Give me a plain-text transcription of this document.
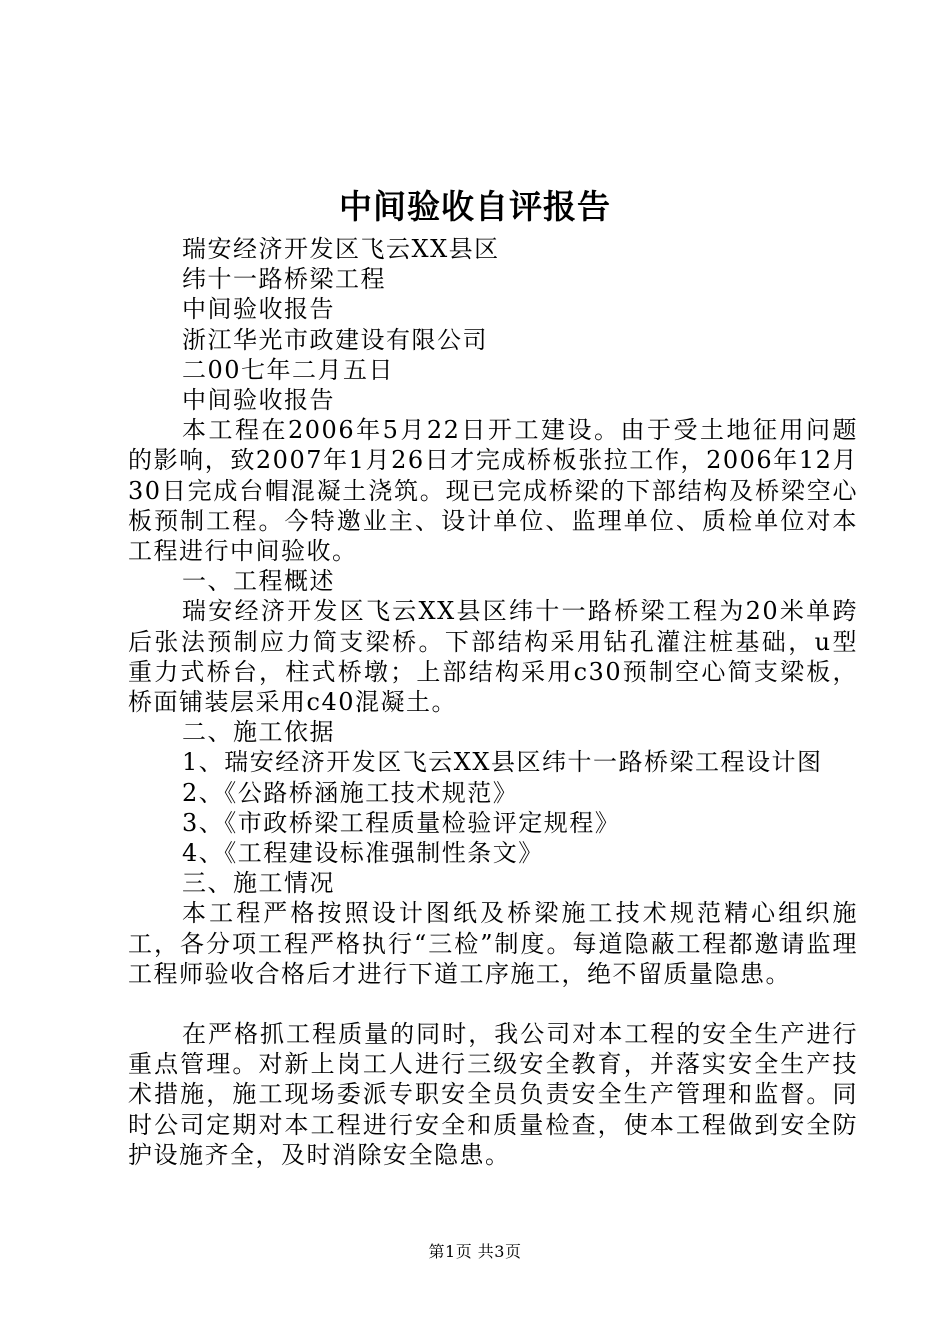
中间验收自评报告
瑞安经济开发区飞云XX县区
纬十一路桥梁工程
中间验收报告
浙江华光市政建设有限公司
二00七年二月五日
中间验收报告
本工程在2006年5月22日开工建设。由于受土地征用问题的影响，致2007年1月26日才完成桥板张拉工作，2006年12月30日完成台帽混凝土浇筑。现已完成桥梁的下部结构及桥梁空心板预制工程。今特邀业主、设计单位、监理单位、质检单位对本工程进行中间验收。
一、工程概述
瑞安经济开发区飞云XX县区纬十一路桥梁工程为20米单跨后张法预制应力简支梁桥。下部结构采用钻孔灌注桩基础，u型重力式桥台，柱式桥墩；上部结构采用c30预制空心简支梁板，桥面铺装层采用c40混凝土。
二、施工依据
1、瑞安经济开发区飞云XX县区纬十一路桥梁工程设计图
2、《公路桥涵施工技术规范》
3、《市政桥梁工程质量检验评定规程》
4、《工程建设标准强制性条文》
三、施工情况
本工程严格按照设计图纸及桥梁施工技术规范精心组织施工，各分项工程严格执行“三检”制度。每道隐蔽工程都邀请监理工程师验收合格后才进行下道工序施工，绝不留质量隐患。
在严格抓工程质量的同时，我公司对本工程的安全生产进行重点管理。对新上岗工人进行三级安全教育，并落实安全生产技术措施，施工现场委派专职安全员负责安全生产管理和监督。同时公司定期对本工程进行安全和质量检查，使本工程做到安全防护设施齐全，及时消除安全隐患。
第1页 共3页
